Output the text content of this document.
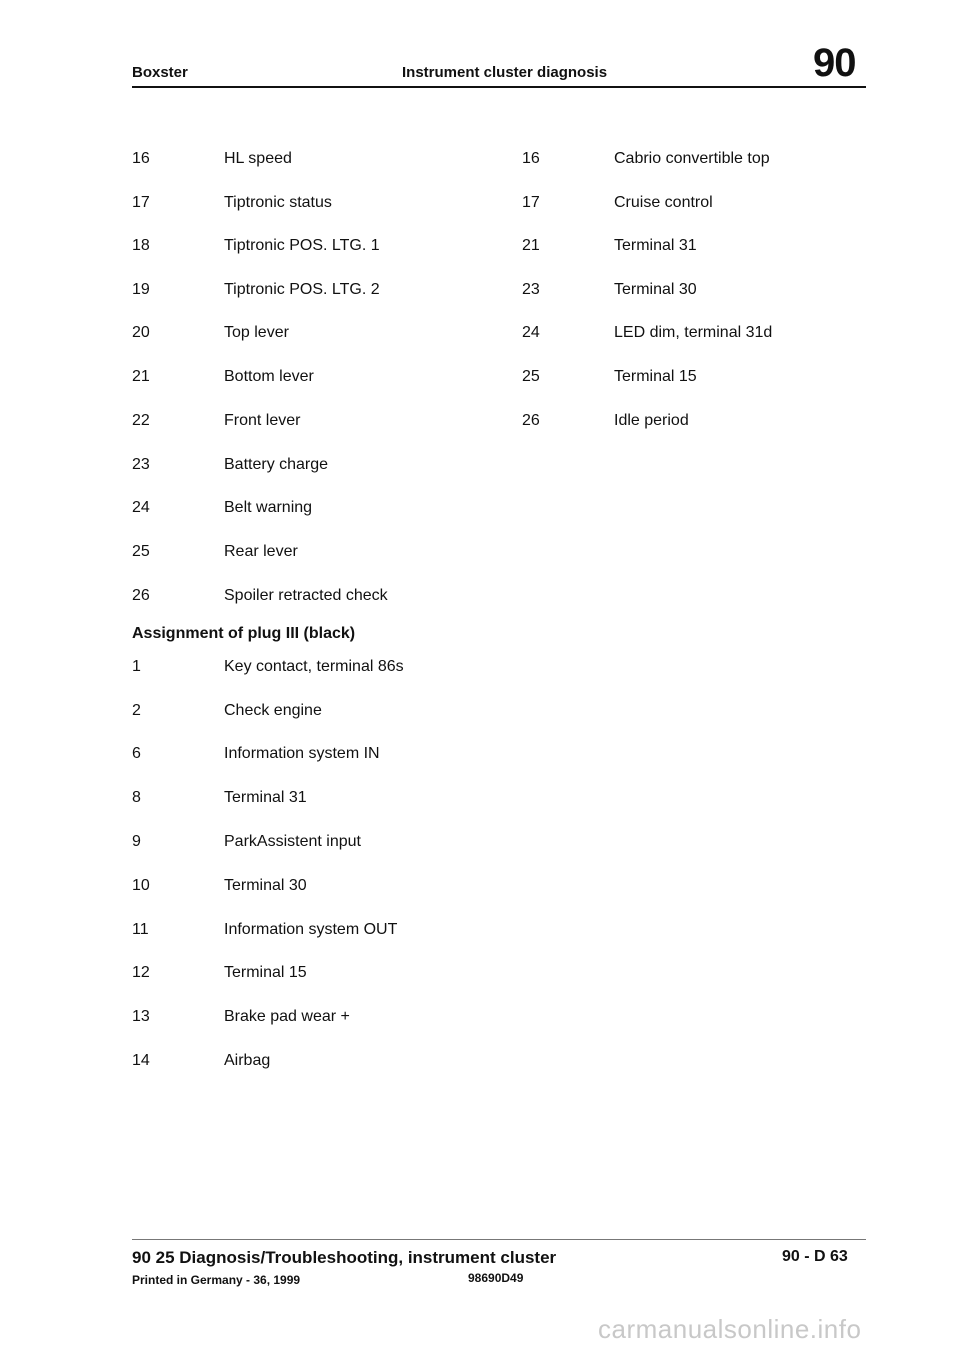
Boxster	Instrument cluster diagnosis	90
16	HL speed
17	Tiptronic status
18	Tiptronic POS. LTG. 1
19	Tiptronic POS. LTG. 2
20	Top lever
21	Bottom lever
22	Front lever
23	Battery charge
24	Belt warning
25	Rear lever
26	Spoiler retracted check
16	Cabrio convertible top
17	Cruise control
21	Terminal 31
23	Terminal 30
24	LED dim, terminal 31d
25	Terminal 15
26	Idle period
Assignment of plug III (black)
1	Key contact, terminal 86s
2	Check engine
6	Information system IN
8	Terminal 31
9	ParkAssistent input
10	Terminal 30
11	Information system OUT
12	Terminal 15
13	Brake pad wear +
14	Airbag
90 25 Diagnosis/Troubleshooting, instrument cluster	90 - D 63
Printed in Germany - 36, 1999	98690D49
carmanualsonline.info
